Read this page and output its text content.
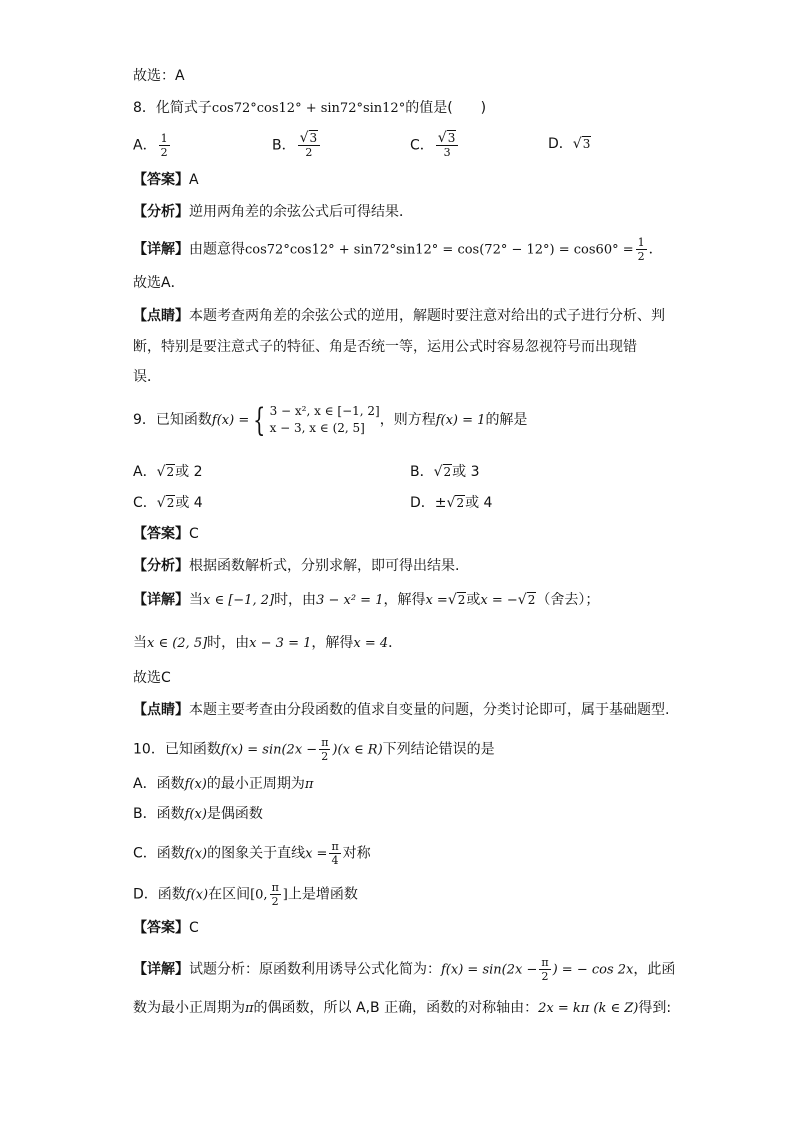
故选：A
8．化简式子cos72°cos12° + sin72°sin12°的值是(　　)
A． $\frac{1}{2}$	B． $\frac{√3}{2}$	C． $\frac{√3}{3}$	D．√3
【答案】A
【分析】逆用两角差的余弦公式后可得结果．
【详解】由题意得$\cos 72^\circ\cos 12^\circ + \sin 72^\circ\sin 12^\circ = \cos(72^\circ - 12^\circ) = \cos 60^\circ = \frac{1}{2}$ ．
故选A．
【点睛】本题考查两角差的余弦公式的逆用，解题时要注意对给出的式子进行分析、判
断，特别是要注意式子的特征、角是否统一等，运用公式时容易忽视符号而出现错
误．
9．已知函数f(x) = { 3 − x², x ∈ [−1, 2]
x − 3, x ∈ (2, 5]	，则方程f(x) = 1的解是
A．√2或 2	B．√2或 3
C．√2或 4	D．±√2或 4
【答案】C
【分析】根据函数解析式，分别求解，即可得出结果.
【详解】当x ∈ [−1, 2]时，由3 − x² = 1，解得x =√2或x = −√2（舍去）；
当x ∈ (2, 5]时，由x − 3 = 1，解得x = 4．
故选C
【点睛】本题主要考查由分段函数的值求自变量的问题，分类讨论即可，属于基础题型.
10．已知函数$f(x) = \sin(2x - \frac{\pi}{2} )(x$ ∈ R)下列结论错误的是
A．函数f(x)的最小正周期为π
B．函数f(x)是偶函数
C．函数f(x)的图象关于直线$x = \frac{\pi}{4}$ 对称
D．函数f(x)在区间[0, $\frac{\pi}{2}$ ]上是增函数
【答案】C
【详解】试题分析：原函数利用诱导公式化简为：$f(x) = \sin(2x - \frac{\pi}{2}$ ) = − cos 2x，此函
数为最小正周期为π的偶函数，所以 A,B 正确，函数的对称轴由：2x = kπ (k ∈ Z)得到:
